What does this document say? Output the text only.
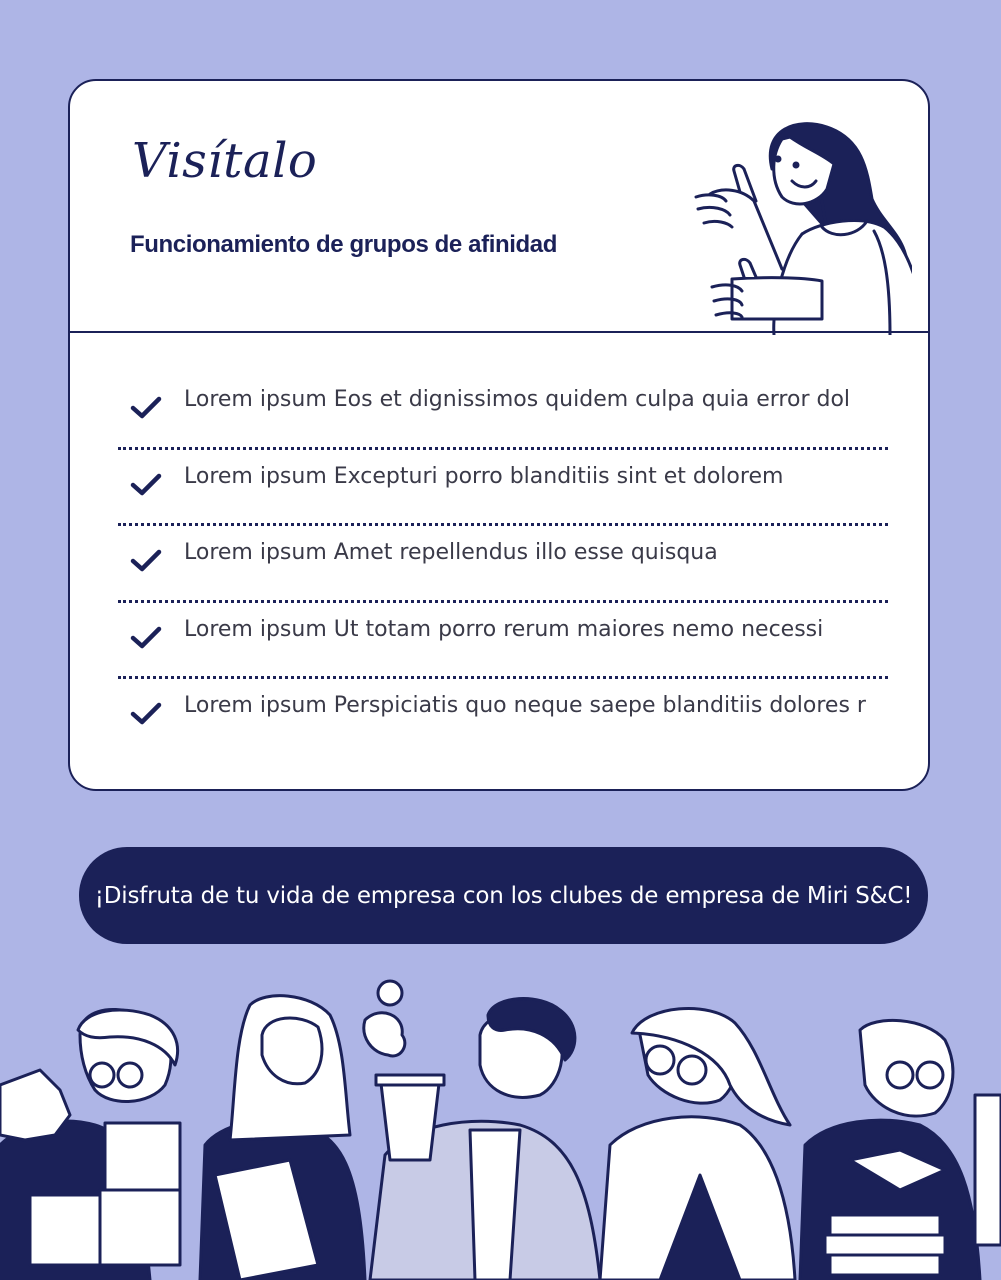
Visítalo
Funcionamiento de grupos de afinidad
Lorem ipsum Eos et dignissimos quidem culpa quia error dol
Lorem ipsum Excepturi porro blanditiis sint et dolorem
Lorem ipsum Amet repellendus illo esse quisqua
Lorem ipsum Ut totam porro rerum maiores nemo necessi
Lorem ipsum Perspiciatis quo neque saepe blanditiis dolores r
¡Disfruta de tu vida de empresa con los clubes de empresa de Miri S&C!
